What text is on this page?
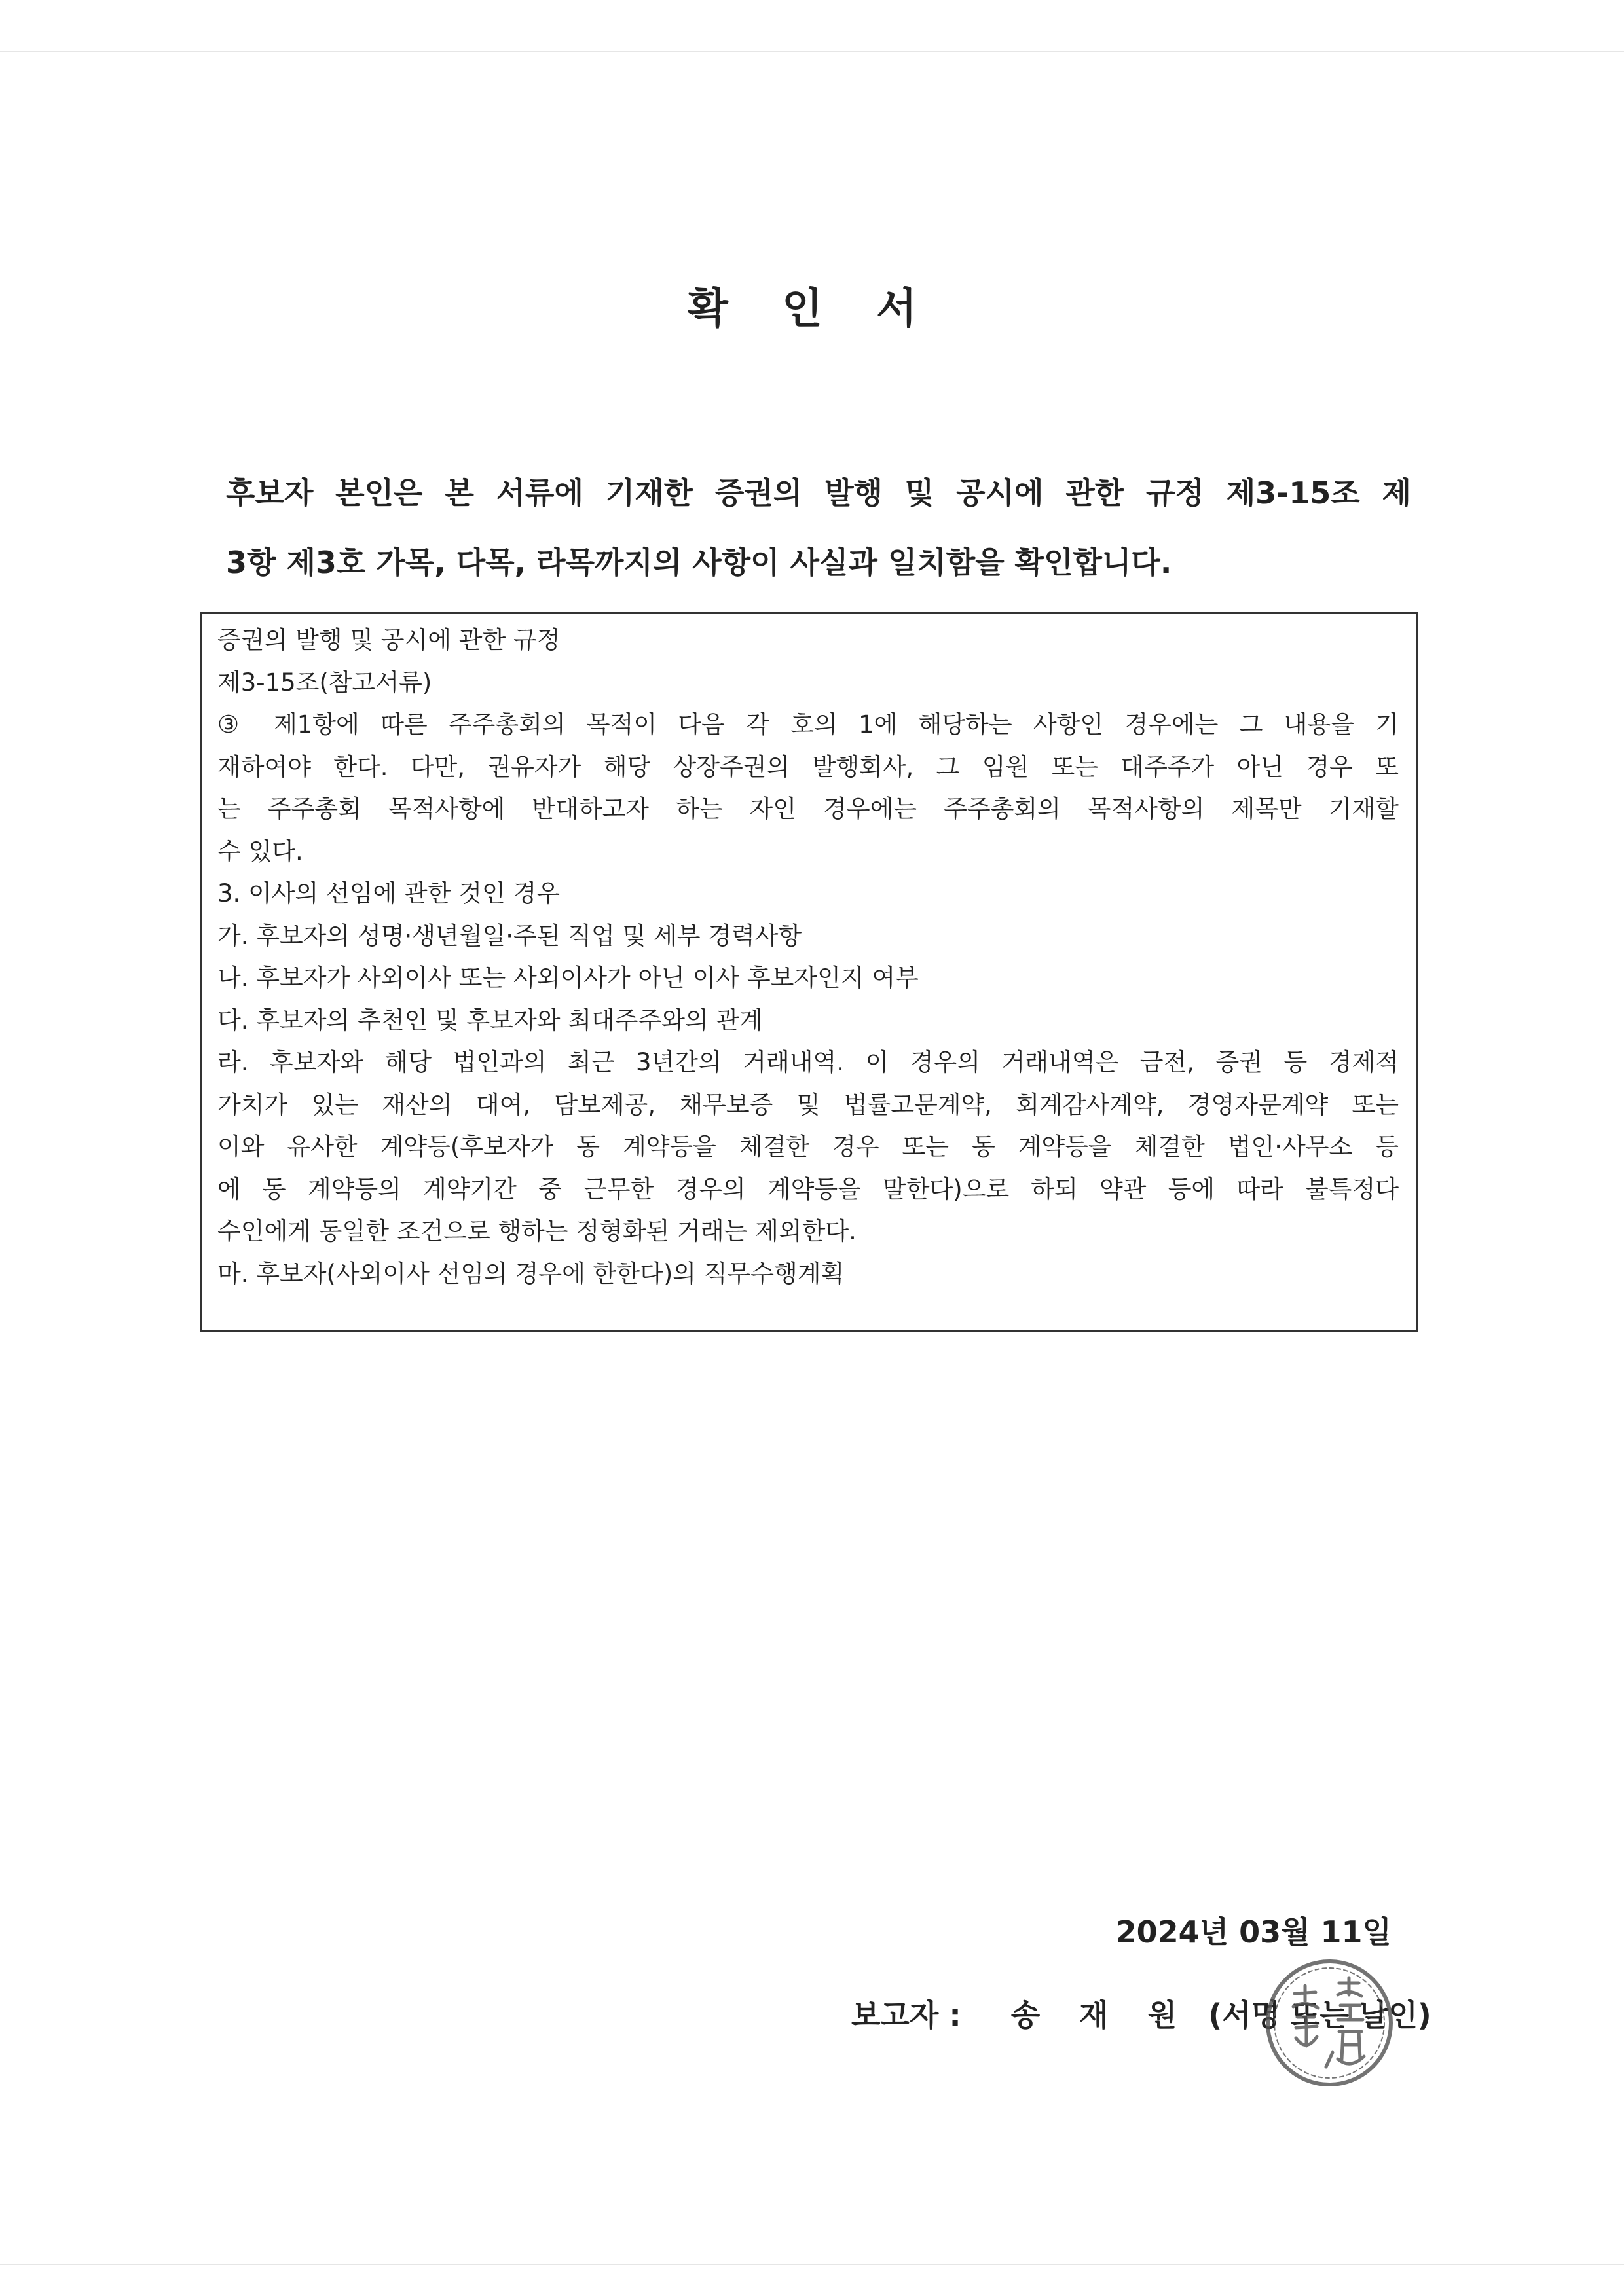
확 인 서

후보자 본인은 본 서류에 기재한 증권의 발행 및 공시에 관한 규정 제3-15조 제

3항 제3호 가목, 다목, 라목까지의 사항이 사실과 일치함을 확인합니다.

증권의 발행 및 공시에 관한 규정

제3-15조(참고서류)

③ 제1항에 따른 주주총회의 목적이 다음 각 호의 1에 해당하는 사항인 경우에는 그 내용을 기

재하여야 한다. 다만, 권유자가 해당 상장주권의 발행회사, 그 임원 또는 대주주가 아닌 경우 또

는 주주총회 목적사항에 반대하고자 하는 자인 경우에는 주주총회의 목적사항의 제목만 기재할

수 있다.

3. 이사의 선임에 관한 것인 경우

가. 후보자의 성명·생년월일·주된 직업 및 세부 경력사항

나. 후보자가 사외이사 또는 사외이사가 아닌 이사 후보자인지 여부

다. 후보자의 추천인 및 후보자와 최대주주와의 관계

라. 후보자와 해당 법인과의 최근 3년간의 거래내역. 이 경우의 거래내역은 금전, 증권 등 경제적

가치가 있는 재산의 대여, 담보제공, 채무보증 및 법률고문계약, 회계감사계약, 경영자문계약 또는

이와 유사한 계약등(후보자가 동 계약등을 체결한 경우 또는 동 계약등을 체결한 법인·사무소 등

에 동 계약등의 계약기간 중 근무한 경우의 계약등을 말한다)으로 하되 약관 등에 따라 불특정다

수인에게 동일한 조건으로 행하는 정형화된 거래는 제외한다.

마. 후보자(사외이사 선임의 경우에 한한다)의 직무수행계획

2024년 03월 11일
보고자 : 송 재 원 (서명 또는 날인)
